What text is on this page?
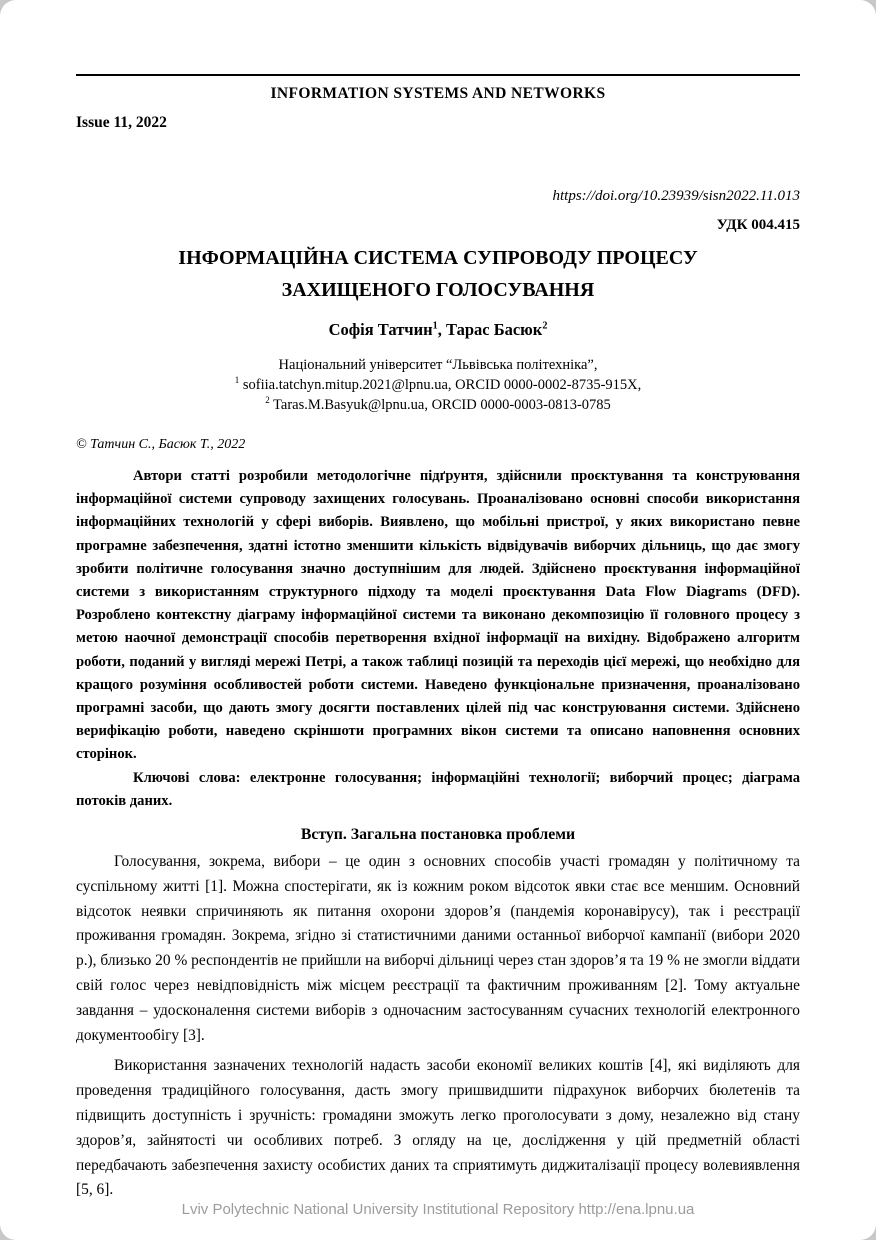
INFORMATION SYSTEMS AND NETWORKS
Issue 11, 2022
https://doi.org/10.23939/sisn2022.11.013
УДК 004.415
ІНФОРМАЦІЙНА СИСТЕМА СУПРОВОДУ ПРОЦЕСУ
ЗАХИЩЕНОГО ГОЛОСУВАННЯ
Софія Татчин$^1$, Тарас Басюк$^2$
Національний університет “Львівська політехніка”,
$^1$ sofiia.tatchyn.mitup.2021@lpnu.ua, ORCID 0000-0002-8735-915X,
$^2$ Taras.M.Basyuk@lpnu.ua, ORCID 0000-0003-0813-0785
© Татчин С., Басюк Т., 2022

Автори статті розробили методологічне підґрунтя, здійснили проєктування та конструювання інформаційної системи супроводу захищених голосувань. Проаналізовано основні способи використання інформаційних технологій у сфері виборів. Виявлено, що мобільні пристрої, у яких використано певне програмне забезпечення, здатні істотно зменшити кількість відвідувачів виборчих дільниць, що дає змогу зробити політичне голосування значно доступнішим для людей. Здійснено проєктування інформаційної системи з використанням структурного підходу та моделі проєктування Data Flow Diagrams (DFD). Розроблено контекстну діаграму інформаційної системи та виконано декомпозицію її головного процесу з метою наочної демонстрації способів перетворення вхідної інформації на вихідну. Відображено алгоритм роботи, поданий у вигляді мережі Петрі, а також таблиці позицій та переходів цієї мережі, що необхідно для кращого розуміння особливостей роботи системи. Наведено функціональне призначення, проаналізовано програмні засоби, що дають змогу досягти поставлених цілей під час конструювання системи. Здійснено верифікацію роботи, наведено скріншоти програмних вікон системи та описано наповнення основних сторінок.

Ключові слова: електронне голосування; інформаційні технології; виборчий процес; діаграма потоків даних.

Вступ. Загальна постановка проблеми

Голосування, зокрема, вибори – це один з основних способів участі громадян у політичному та суспільному житті [1]. Можна спостерігати, як із кожним роком відсоток явки стає все меншим. Основний відсоток неявки спричиняють як питання охорони здоров’я (пандемія коронавірусу), так і реєстрації проживання громадян. Зокрема, згідно зі статистичними даними останньої виборчої кампанії (вибори 2020 р.), близько 20 % респондентів не прийшли на виборчі дільниці через стан здоров’я та 19 % не змогли віддати свій голос через невідповідність між місцем реєстрації та фактичним проживанням [2]. Тому актуальне завдання – удосконалення системи виборів з одночасним застосуванням сучасних технологій електронного документообігу [3].

Використання зазначених технологій надасть засоби економії великих коштів [4], які виділяють для проведення традиційного голосування, дасть змогу пришвидшити підрахунок виборчих бюлетенів та підвищить доступність і зручність: громадяни зможуть легко проголосувати з дому, незалежно від стану здоров’я, зайнятості чи особливих потреб. З огляду на це, дослідження у цій предметній області передбачають забезпечення захисту особистих даних та сприятимуть диджиталізації процесу волевиявлення [5, 6].

Lviv Polytechnic National University Institutional Repository http://ena.lpnu.ua
